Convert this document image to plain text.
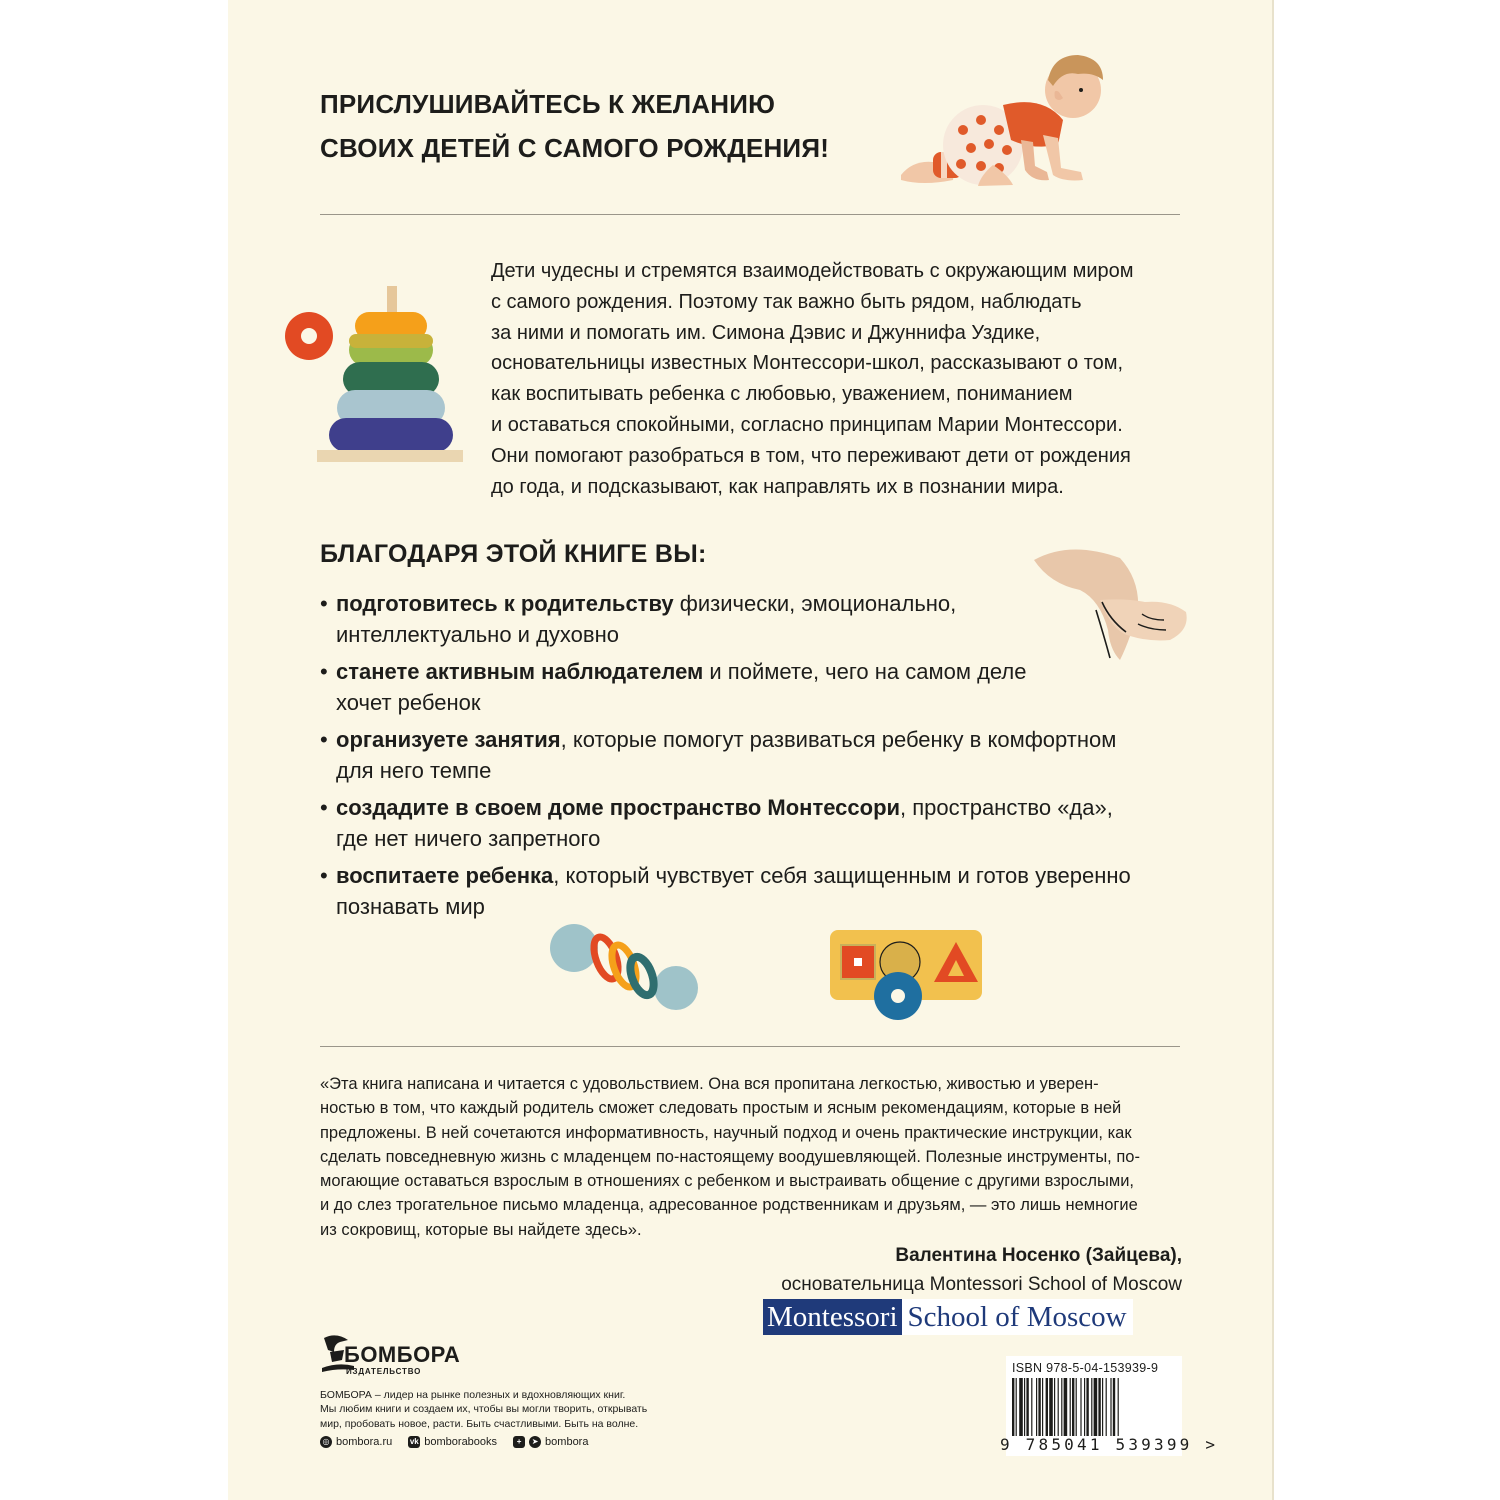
ПРИСЛУШИВАЙТЕСЬ К ЖЕЛАНИЮ
СВОИХ ДЕТЕЙ С САМОГО РОЖДЕНИЯ!
Дети чудесны и стремятся взаимодействовать с окружающим миром
с самого рождения. Поэтому так важно быть рядом, наблюдать
за ними и помогать им. Симона Дэвис и Джуннифа Уздике,
основательницы известных Монтессори-школ, рассказывают о том,
как воспитывать ребенка с любовью, уважением, пониманием
и оставаться спокойными, согласно принципам Марии Монтессори.
Они помогают разобраться в том, что переживают дети от рождения
до года, и подсказывают, как направлять их в познании мира.
БЛАГОДАРЯ ЭТОЙ КНИГЕ ВЫ:
• подготовитесь к родительству физически, эмоционально,
интеллектуально и духовно
• станете активным наблюдателем и поймете, чего на самом деле
хочет ребенок
• организуете занятия, которые помогут развиваться ребенку в комфортном
для него темпе
• создадите в своем доме пространство Монтессори, пространство «да»,
где нет ничего запретного
• воспитаете ребенка, который чувствует себя защищенным и готов уверенно
познавать мир
«Эта книга написана и читается с удовольствием. Она вся пропитана легкостью, живостью и уверен-
ностью в том, что каждый родитель сможет следовать простым и ясным рекомендациям, которые в ней
предложены. В ней сочетаются информативность, научный подход и очень практические инструкции, как
сделать повседневную жизнь с младенцем по-настоящему воодушевляющей. Полезные инструменты, по-
могающие оставаться взрослым в отношениях с ребенком и выстраивать общение с другими взрослыми,
и до слез трогательное письмо младенца, адресованное родственникам и друзьям, — это лишь немногие
из сокровищ, которые вы найдете здесь».
Валентина Носенко (Зайцева),
основательница Montessori School of Moscow
Montessori School of Moscow
БОМБОРА
ИЗДАТЕЛЬСТВО
БОМБОРА – лидер на рынке полезных и вдохновляющих книг.
Мы любим книги и создаем их, чтобы вы могли творить, открывать
мир, пробовать новое, расти. Быть счастливыми. Быть на волне.
◎ bombora.ru vk bomborabooks	+	➤ bombora
ISBN 978-5-04-153939-9
9 785041 539399 >
